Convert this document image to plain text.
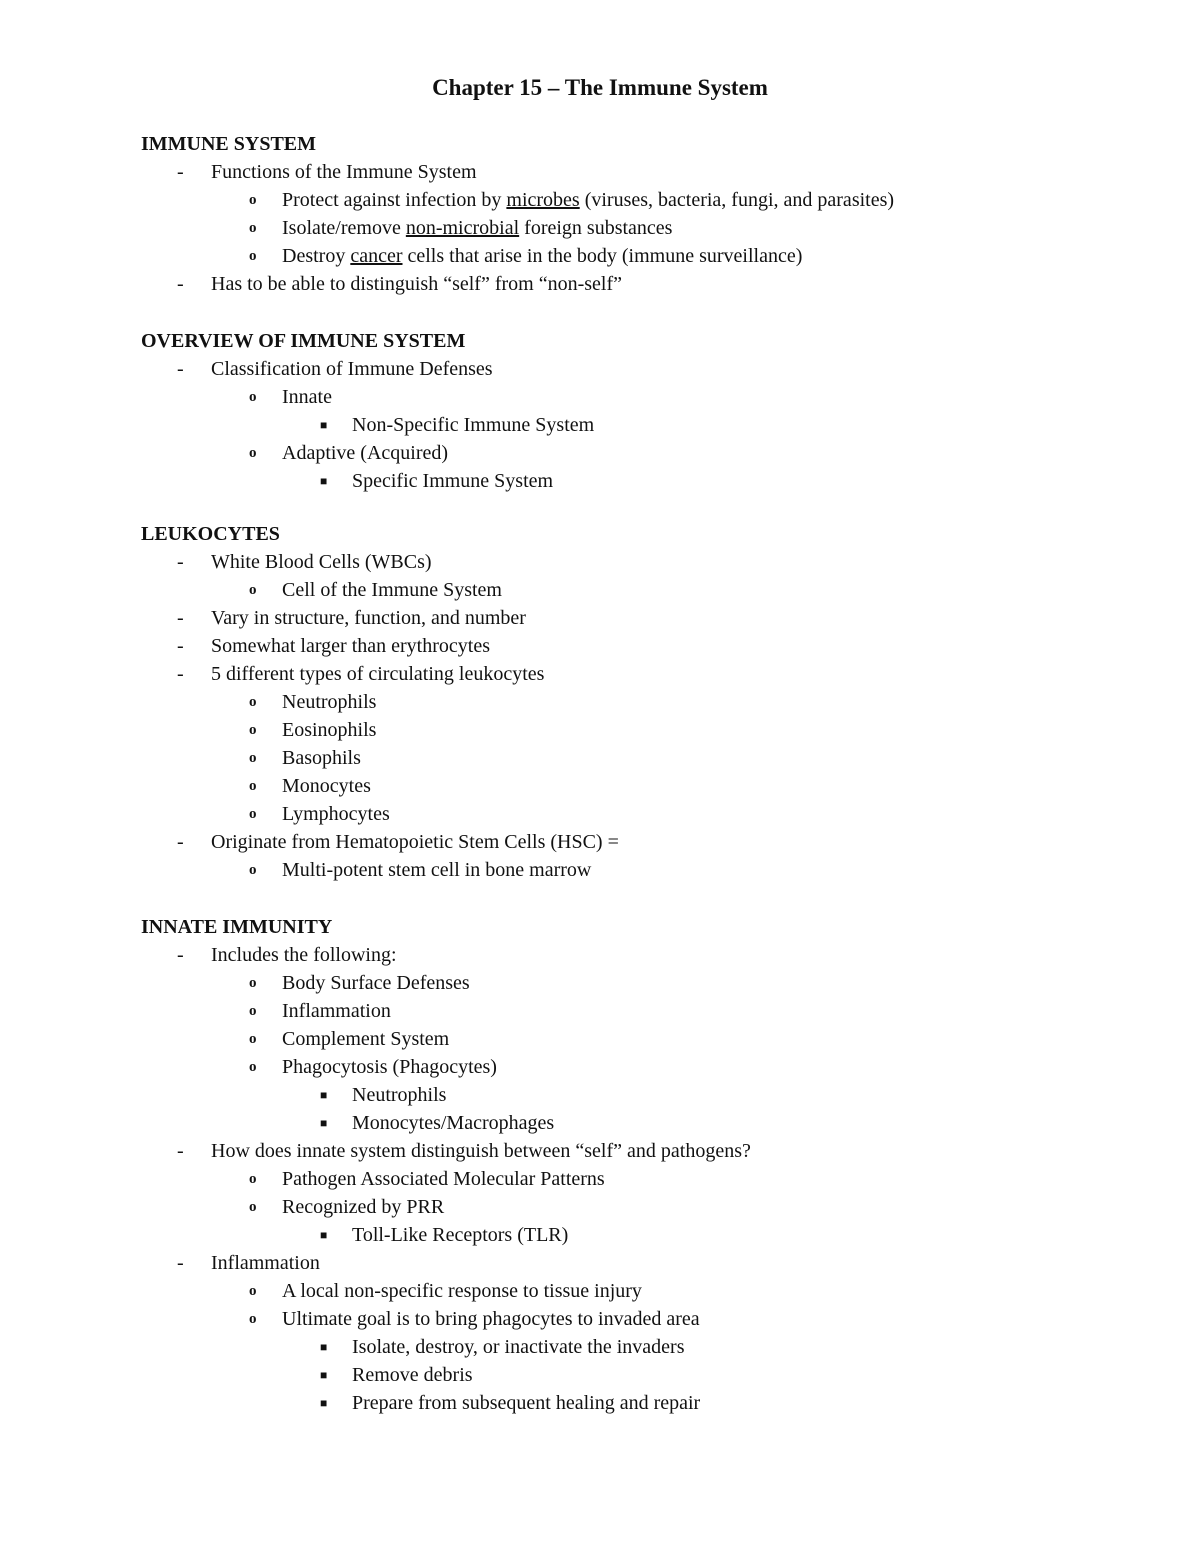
Chapter 15 – The Immune System
IMMUNE SYSTEM
- Functions of the Immune System
o Protect against infection by microbes (viruses, bacteria, fungi, and parasites)
o Isolate/remove non-microbial foreign substances
o Destroy cancer cells that arise in the body (immune surveillance)
- Has to be able to distinguish “self” from “non-self”
OVERVIEW OF IMMUNE SYSTEM
- Classification of Immune Defenses
o Innate
■ Non-Specific Immune System
o Adaptive (Acquired)
■ Specific Immune System
LEUKOCYTES
- White Blood Cells (WBCs)
o Cell of the Immune System
- Vary in structure, function, and number
- Somewhat larger than erythrocytes
- 5 different types of circulating leukocytes
o Neutrophils
o Eosinophils
o Basophils
o Monocytes
o Lymphocytes
- Originate from Hematopoietic Stem Cells (HSC) =
o Multi-potent stem cell in bone marrow
INNATE IMMUNITY
- Includes the following:
o Body Surface Defenses
o Inflammation
o Complement System
o Phagocytosis (Phagocytes)
■ Neutrophils
■ Monocytes/Macrophages
- How does innate system distinguish between “self” and pathogens?
o Pathogen Associated Molecular Patterns
o Recognized by PRR
■ Toll-Like Receptors (TLR)
- Inflammation
o A local non-specific response to tissue injury
o Ultimate goal is to bring phagocytes to invaded area
■ Isolate, destroy, or inactivate the invaders
■ Remove debris
■ Prepare from subsequent healing and repair
